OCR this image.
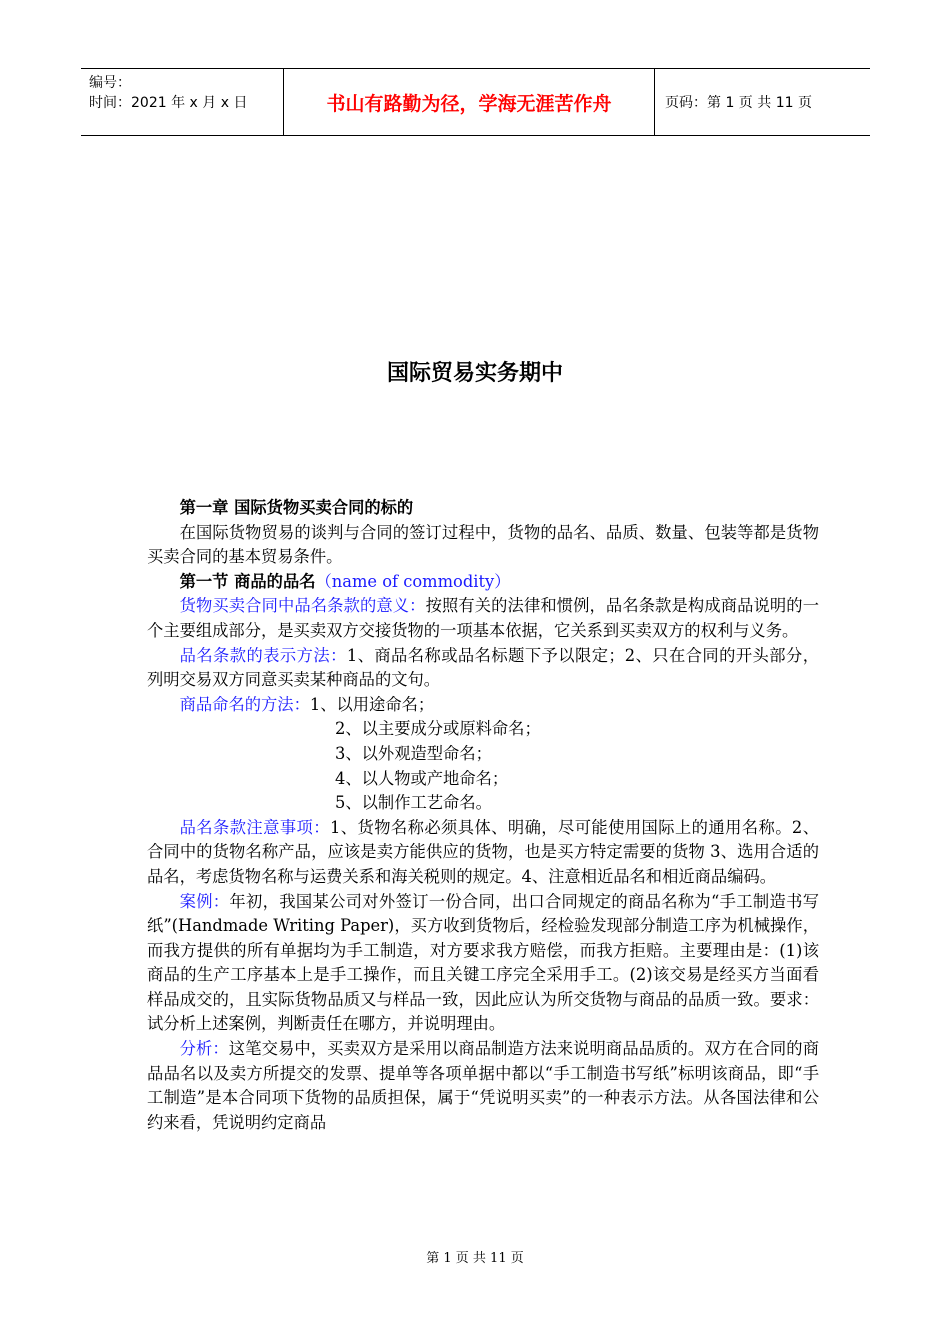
编号：
时间：2021 年 x 月 x 日	书山有路勤为径，学海无涯苦作舟	页码：第 1 页 共 11 页
国际贸易实务期中

第一章 国际货物买卖合同的标的

在国际货物贸易的谈判与合同的签订过程中，货物的品名、品质、数量、包装等都是货物买卖合同的基本贸易条件。

第一节 商品的品名（name of commodity）

货物买卖合同中品名条款的意义：按照有关的法律和惯例，品名条款是构成商品说明的一个主要组成部分，是买卖双方交接货物的一项基本依据，它关系到买卖双方的权利与义务。

品名条款的表示方法：1、商品名称或品名标题下予以限定；2、只在合同的开头部分，列明交易双方同意买卖某种商品的文句。

商品命名的方法：1、以用途命名；

2、以主要成分或原料命名；

3、以外观造型命名；

4、以人物或产地命名；

5、以制作工艺命名。

品名条款注意事项：1、货物名称必须具体、明确，尽可能使用国际上的通用名称。2、合同中的货物名称产品，应该是卖方能供应的货物，也是买方特定需要的货物 3、选用合适的品名，考虑货物名称与运费关系和海关税则的规定。4、注意相近品名和相近商品编码。

案例：年初，我国某公司对外签订一份合同，出口合同规定的商品名称为“手工制造书写纸”(Handmade Writing Paper)，买方收到货物后，经检验发现部分制造工序为机械操作，而我方提供的所有单据均为手工制造，对方要求我方赔偿，而我方拒赔。主要理由是：(1)该商品的生产工序基本上是手工操作，而且关键工序完全采用手工。(2)该交易是经买方当面看样品成交的，且实际货物品质又与样品一致，因此应认为所交货物与商品的品质一致。要求：试分析上述案例，判断责任在哪方，并说明理由。

分析：这笔交易中，买卖双方是采用以商品制造方法来说明商品品质的。双方在合同的商品品名以及卖方所提交的发票、提单等各项单据中都以“手工制造书写纸”标明该商品，即“手工制造”是本合同项下货物的品质担保，属于“凭说明买卖”的一种表示方法。从各国法律和公约来看，凭说明约定商品

第 1 页 共 11 页
